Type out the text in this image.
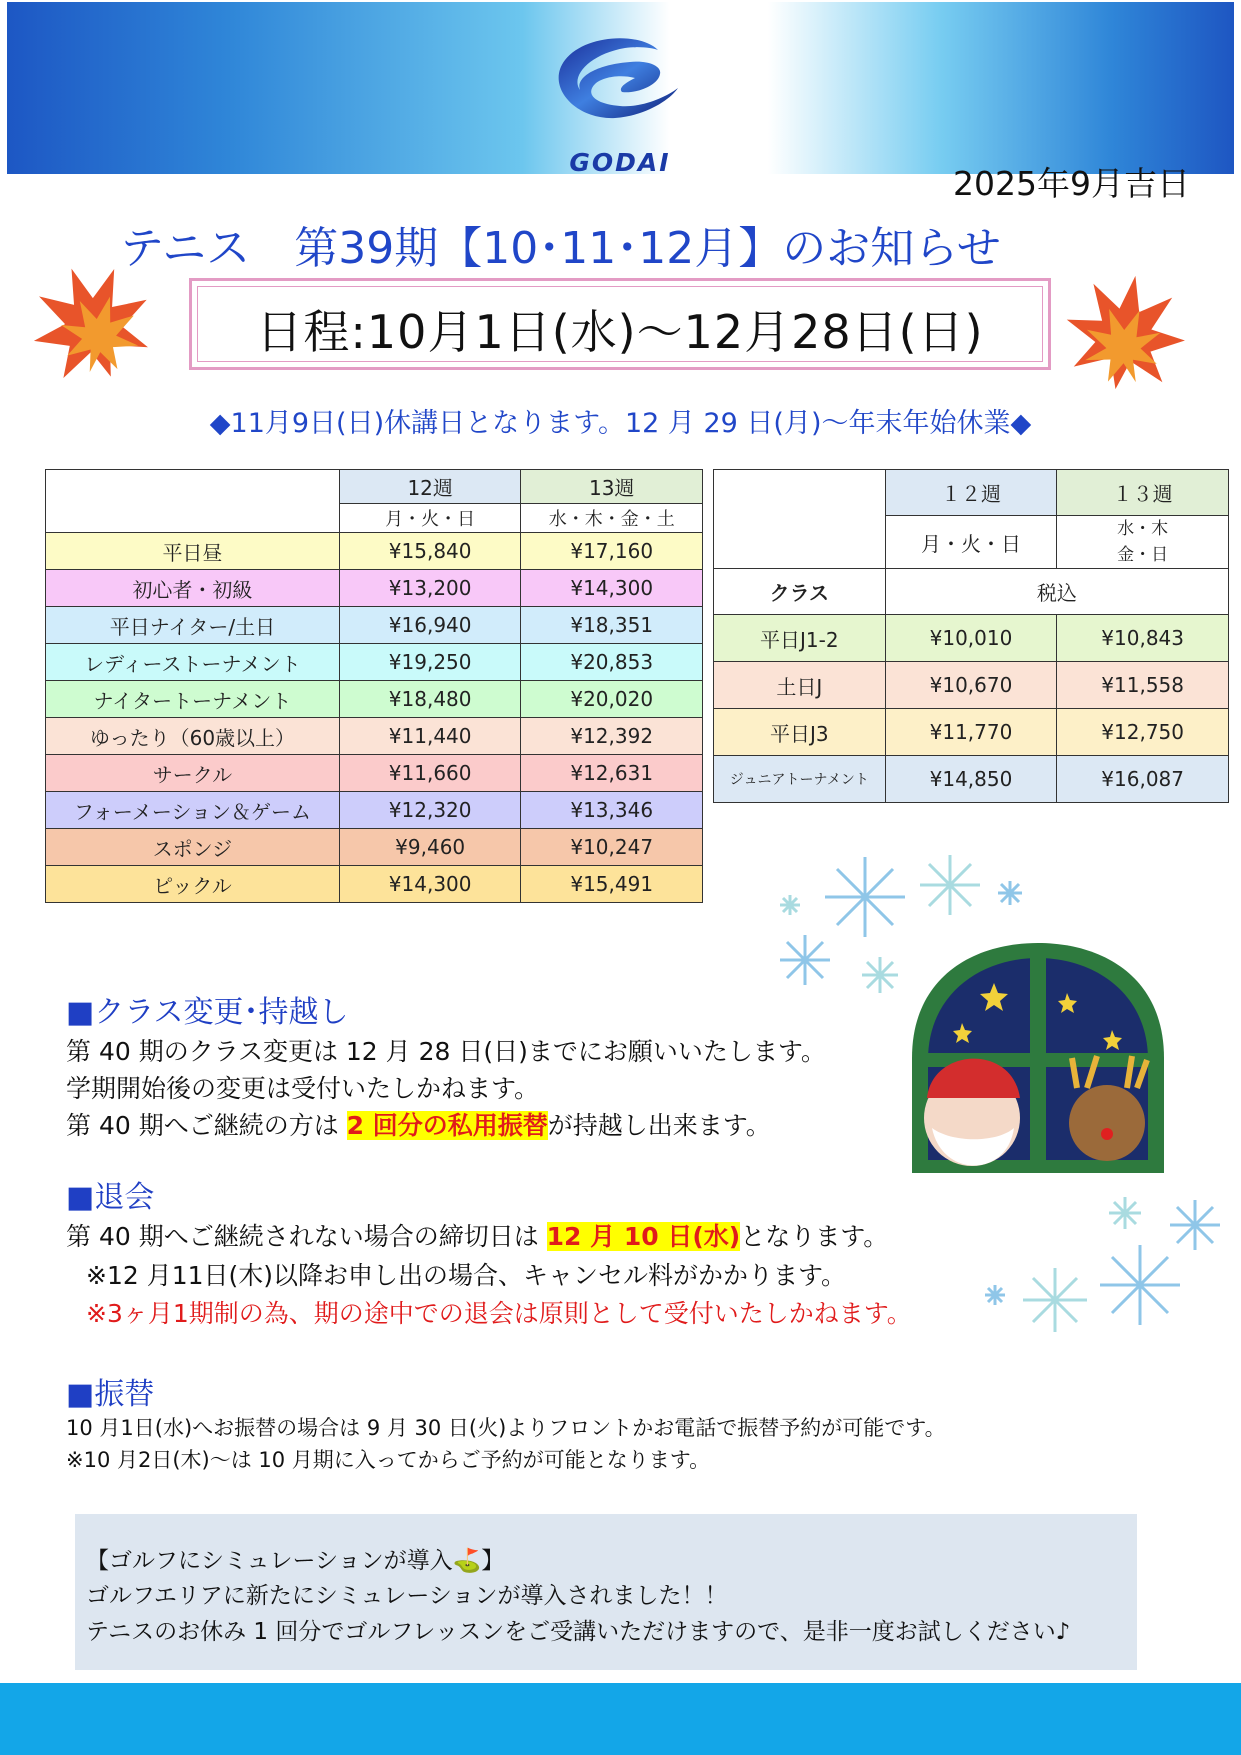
GODAI
2025年9月吉日
テニス　第39期【10･11･12月】のお知らせ
日程:10月1日(水)～12月28日(日)
◆11月9日(日)休講日となります。12 月 29 日(月)～年末年始休業◆
	12週	13週
	月・火・日	水・木・金・土
平日昼	¥15,840	¥17,160
初心者・初級	¥13,200	¥14,300
平日ナイター/土日	¥16,940	¥18,351
レディーストーナメント	¥19,250	¥20,853
ナイタートーナメント	¥18,480	¥20,020
ゆったり（60歳以上）	¥11,440	¥12,392
サークル	¥11,660	¥12,631
フォーメーション＆ゲーム	¥12,320	¥13,346
スポンジ	¥9,460	¥10,247
ピックル	¥14,300	¥15,491
	１２週	１３週
	月・火・日	水・木
金・日
クラス	税込	
平日J1-2	¥10,010	¥10,843
土日J	¥10,670	¥11,558
平日J3	¥11,770	¥12,750
ジュニアトーナメント	¥14,850	¥16,087
■クラス変更･持越し
第 40 期のクラス変更は 12 月 28 日(日)までにお願いいたします。
学期開始後の変更は受付いたしかねます。
第 40 期へご継続の方は 2 回分の私用振替が持越し出来ます。
■退会
第 40 期へご継続されない場合の締切日は 12 月 10 日(水)となります。
※12 月11日(木)以降お申し出の場合、キャンセル料がかかります。
※3ヶ月1期制の為、期の途中での退会は原則として受付いたしかねます。
■振替
10 月1日(水)へお振替の場合は 9 月 30 日(火)よりフロントかお電話で振替予約が可能です。
※10 月2日(木)～は 10 月期に入ってからご予約が可能となります。
【ゴルフにシミュレーションが導入⛳】
ゴルフエリアに新たにシミュレーションが導入されました！！
テニスのお休み 1 回分でゴルフレッスンをご受講いただけますので、是非一度お試しください♪
